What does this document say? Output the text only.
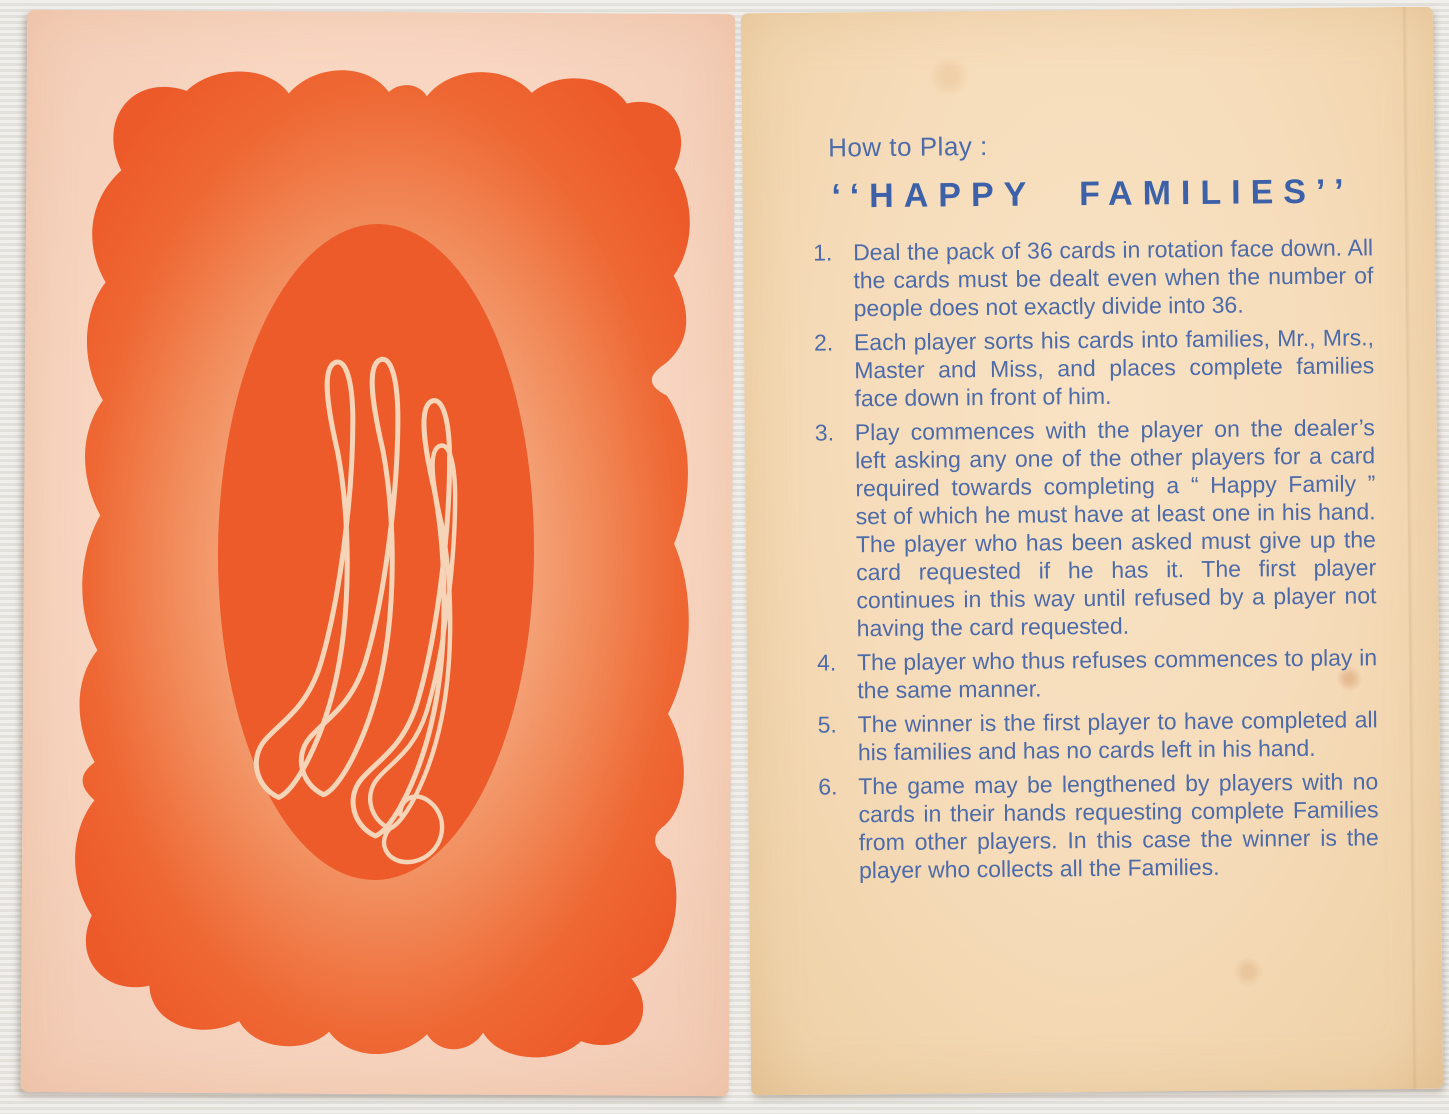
How to Play :
‘‘HAPPY FAMILIES’’
1. Deal the pack of 36 cards in rotation face down. All the cards must be dealt even when the number of people does not exactly divide into 36.
2. Each player sorts his cards into families, Mr., Mrs., Master and Miss, and places complete families face down in front of him.
3. Play commences with the player on the dealer’s left asking any one of the other players for a card required towards completing a “ Happy Family ” set of which he must have at least one in his hand. The player who has been asked must give up the card requested if he has it. The first player continues in this way until refused by a player not having the card requested.
4. The player who thus refuses commences to play in the same manner.
5. The winner is the first player to have completed all his families and has no cards left in his hand.
6. The game may be lengthened by players with no cards in their hands requesting complete Families from other players. In this case the winner is the player who collects all the Families.
